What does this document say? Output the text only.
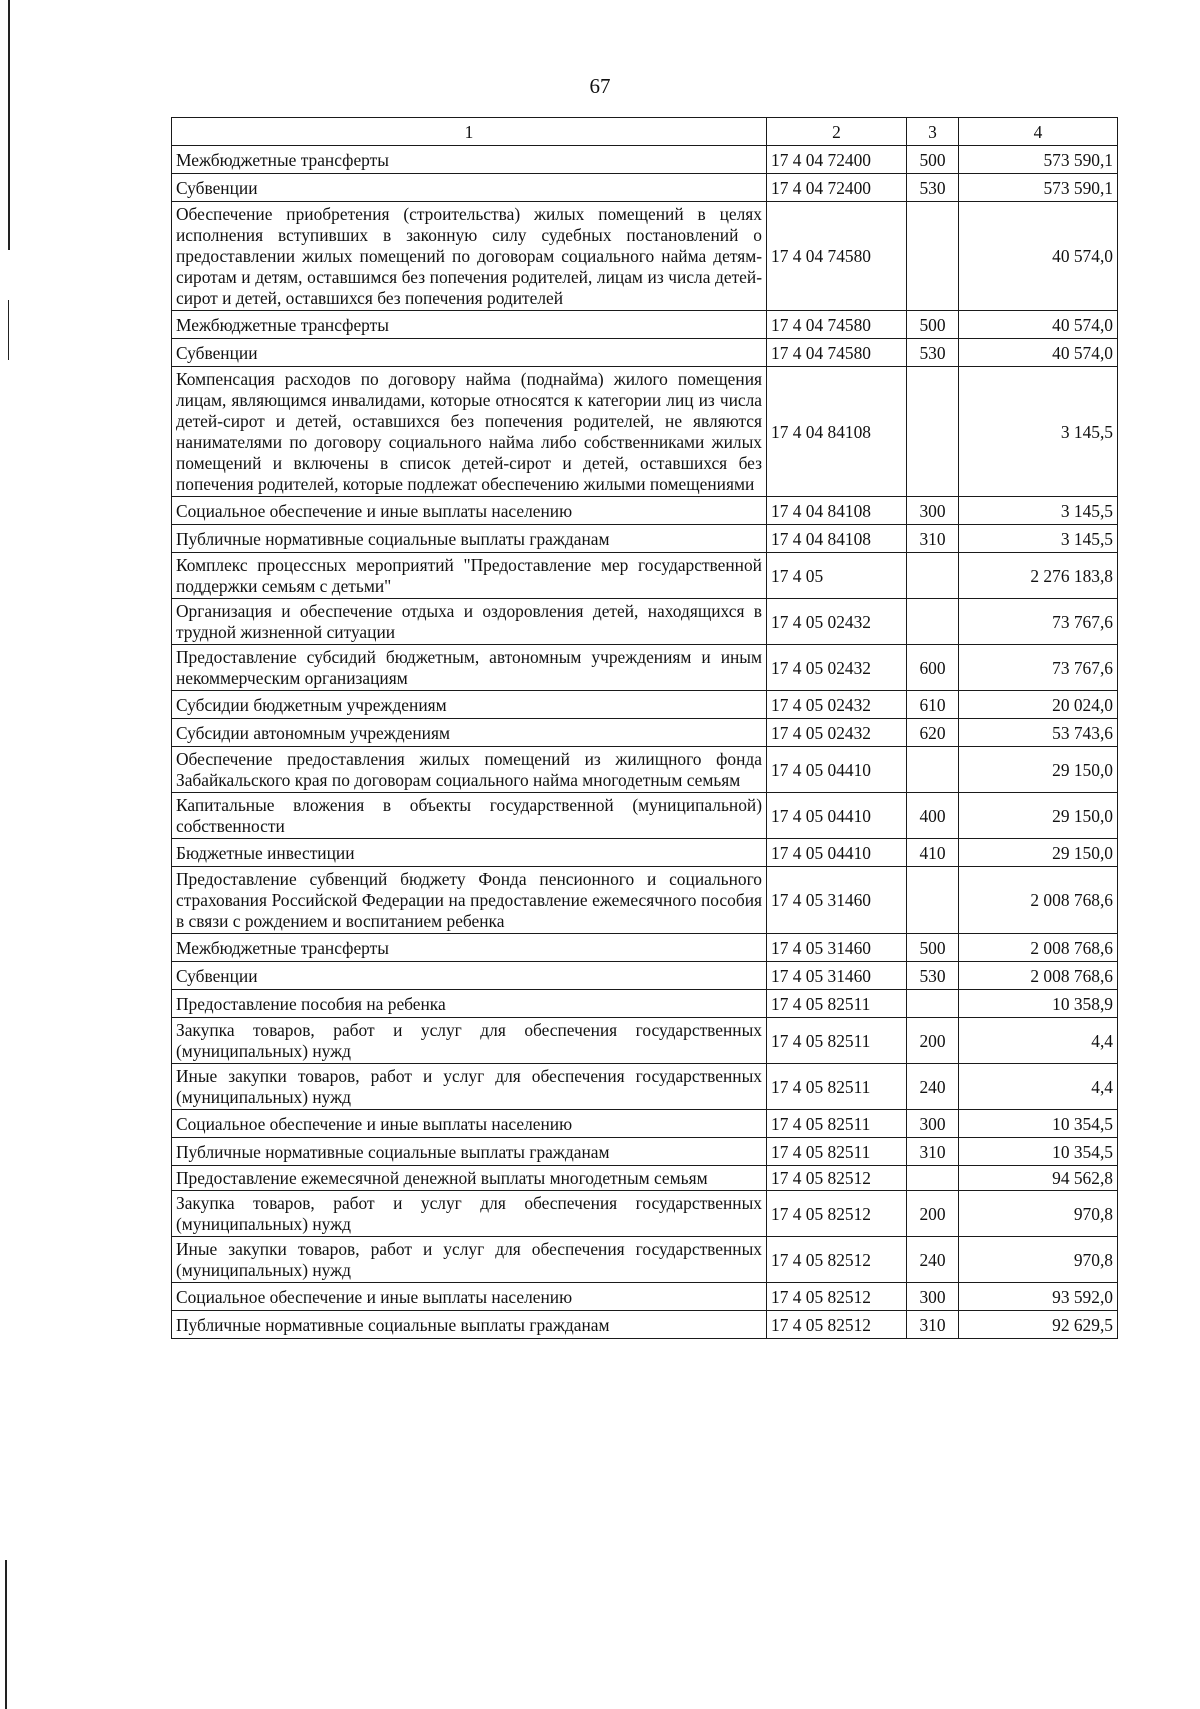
67
1	2	3	4
Межбюджетные трансферты	17 4 04 72400	500	573 590,1
Субвенции	17 4 04 72400	530	573 590,1
Обеспечение приобретения (строительства) жилых помещений в целях исполнения вступивших в законную силу судебных постановлений о предоставлении жилых помещений по договорам социального найма детям-сиротам и детям, оставшимся без попечения родителей, лицам из числа детей-сирот и детей, оставшихся без попечения родителей	17 4 04 74580		40 574,0
Межбюджетные трансферты	17 4 04 74580	500	40 574,0
Субвенции	17 4 04 74580	530	40 574,0
Компенсация расходов по договору найма (поднайма) жилого помещения лицам, являющимся инвалидами, которые относятся к категории лиц из числа детей-сирот и детей, оставшихся без попечения родителей, не являются нанимателями по договору социального найма либо собственниками жилых помещений и включены в список детей-сирот и детей, оставшихся без попечения родителей, которые подлежат обеспечению жилыми помещениями	17 4 04 84108		3 145,5
Социальное обеспечение и иные выплаты населению	17 4 04 84108	300	3 145,5
Публичные нормативные социальные выплаты гражданам	17 4 04 84108	310	3 145,5
Комплекс процессных мероприятий "Предоставление мер государственной поддержки семьям с детьми"	17 4 05		2 276 183,8
Организация и обеспечение отдыха и оздоровления детей, находящихся в трудной жизненной ситуации	17 4 05 02432		73 767,6
Предоставление субсидий бюджетным, автономным учреждениям и иным некоммерческим организациям	17 4 05 02432	600	73 767,6
Субсидии бюджетным учреждениям	17 4 05 02432	610	20 024,0
Субсидии автономным учреждениям	17 4 05 02432	620	53 743,6
Обеспечение предоставления жилых помещений из жилищного фонда Забайкальского края по договорам социального найма многодетным семьям	17 4 05 04410		29 150,0
Капитальные вложения в объекты государственной (муниципальной) собственности	17 4 05 04410	400	29 150,0
Бюджетные инвестиции	17 4 05 04410	410	29 150,0
Предоставление субвенций бюджету Фонда пенсионного и социального страхования Российской Федерации на предоставление ежемесячного пособия в связи с рождением и воспитанием ребенка	17 4 05 31460		2 008 768,6
Межбюджетные трансферты	17 4 05 31460	500	2 008 768,6
Субвенции	17 4 05 31460	530	2 008 768,6
Предоставление пособия на ребенка	17 4 05 82511		10 358,9
Закупка товаров, работ и услуг для обеспечения государственных (муниципальных) нужд	17 4 05 82511	200	4,4
Иные закупки товаров, работ и услуг для обеспечения государственных (муниципальных) нужд	17 4 05 82511	240	4,4
Социальное обеспечение и иные выплаты населению	17 4 05 82511	300	10 354,5
Публичные нормативные социальные выплаты гражданам	17 4 05 82511	310	10 354,5
Предоставление ежемесячной денежной выплаты многодетным семьям	17 4 05 82512		94 562,8
Закупка товаров, работ и услуг для обеспечения государственных (муниципальных) нужд	17 4 05 82512	200	970,8
Иные закупки товаров, работ и услуг для обеспечения государственных (муниципальных) нужд	17 4 05 82512	240	970,8
Социальное обеспечение и иные выплаты населению	17 4 05 82512	300	93 592,0
Публичные нормативные социальные выплаты гражданам	17 4 05 82512	310	92 629,5
